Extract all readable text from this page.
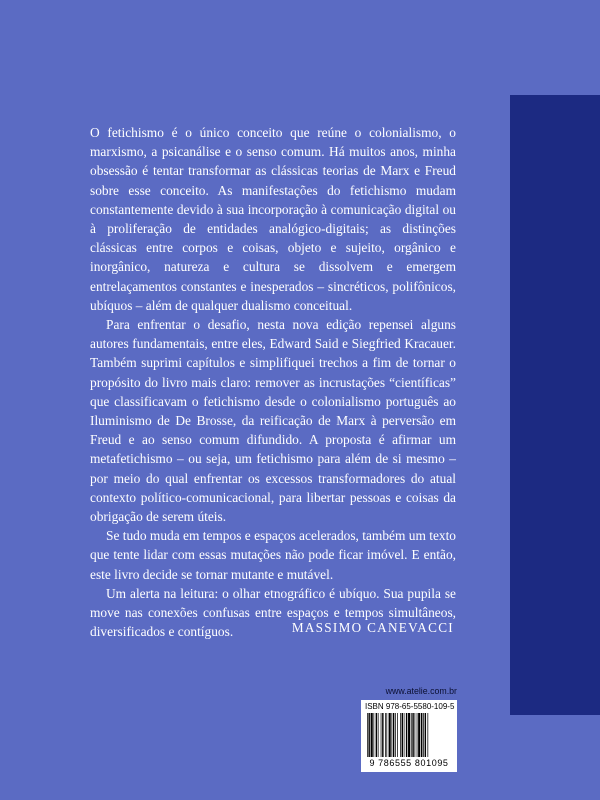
O fetichismo é o único conceito que reúne o colonialismo, o marxismo, a psicanálise e o senso comum. Há muitos anos, minha obsessão é tentar transformar as clássicas teorias de Marx e Freud sobre esse conceito. As manifestações do fetichismo mudam constantemente devido à sua incorporação à comunicação digital ou à proliferação de entidades analógico-digitais; as distinções clássicas entre corpos e coisas, objeto e sujeito, orgânico e inorgânico, natureza e cultura se dissolvem e emergem entrelaçamentos constantes e inesperados – sincréticos, polifônicos, ubíquos – além de qualquer dualismo conceitual.

Para enfrentar o desafio, nesta nova edição repensei alguns autores fundamentais, entre eles, Edward Said e Siegfried Kracauer. Também suprimi capítulos e simplifiquei trechos a fim de tornar o propósito do livro mais claro: remover as incrustações “científicas” que classificavam o fetichismo desde o colonialismo português ao Iluminismo de De Brosse, da reificação de Marx à perversão em Freud e ao senso comum difundido. A proposta é afirmar um metafetichismo – ou seja, um fetichismo para além de si mesmo – por meio do qual enfrentar os excessos transformadores do atual contexto político-comunicacional, para libertar pessoas e coisas da obrigação de serem úteis.

Se tudo muda em tempos e espaços acelerados, também um texto que tente lidar com essas mutações não pode ficar imóvel. E então, este livro decide se tornar mutante e mutável.

Um alerta na leitura: o olhar etnográfico é ubíquo. Sua pupila se move nas conexões confusas entre espaços e tempos simultâneos, diversificados e contíguos.	MASSIMO CANEVACCI
www.atelie.com.br
ISBN 978-65-5580-109-5
9 786555 801095
